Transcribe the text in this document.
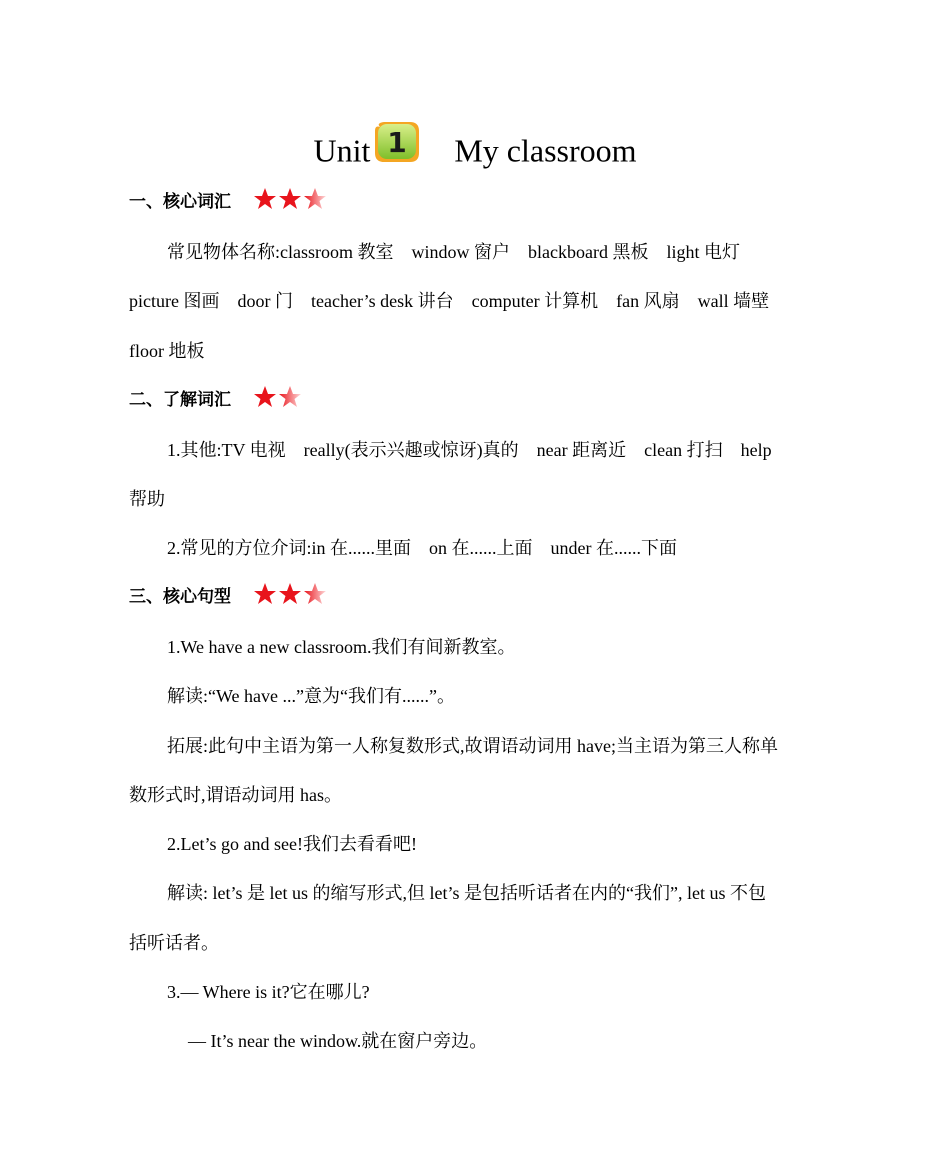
Unit 1 My classroom
一、核心词汇
常见物体名称:classroom 教室 window 窗户 blackboard 黑板 light 电灯
picture 图画 door 门 teacher’s desk 讲台 computer 计算机 fan 风扇 wall 墙壁
floor 地板
二、了解词汇
1.其他:TV 电视 really(表示兴趣或惊讶)真的 near 距离近 clean 打扫 help
帮助
2.常见的方位介词:in 在......里面 on 在......上面 under 在......下面
三、核心句型
1.We have a new classroom.我们有间新教室。
解读:“We have ...”意为“我们有......”。
拓展:此句中主语为第一人称复数形式,故谓语动词用 have;当主语为第三人称单
数形式时,谓语动词用 has。
2.Let’s go and see!我们去看看吧!
解读: let’s 是 let us 的缩写形式,但 let’s 是包括听话者在内的“我们”, let us 不包
括听话者。
3.— Where is it?它在哪儿?
— It’s near the window.就在窗户旁边。
